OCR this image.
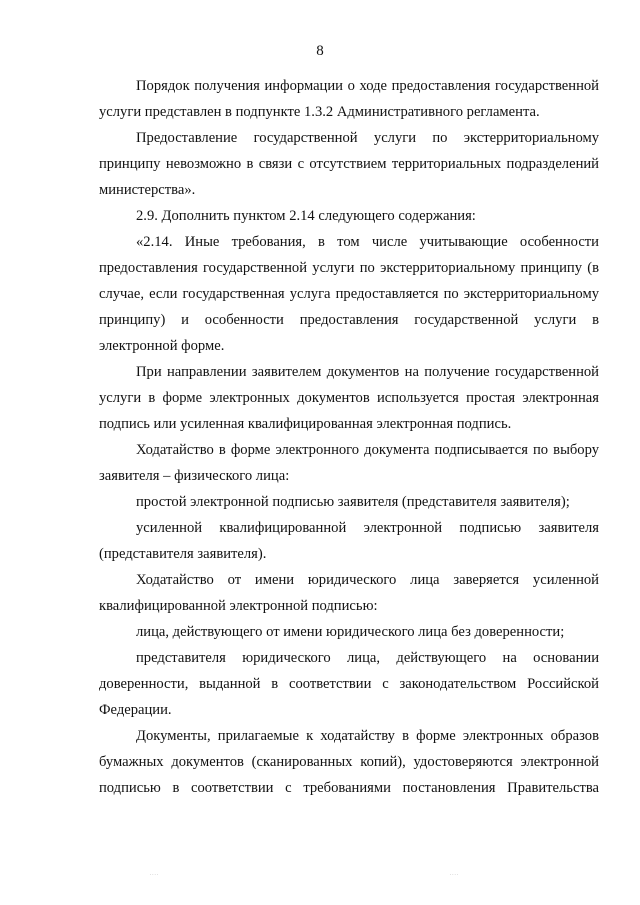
8

Порядок получения информации о ходе предоставления государственной услуги представлен в подпункте 1.3.2 Административного регламента.

Предоставление государственной услуги по экстерриториальному принципу невозможно в связи с отсутствием территориальных подразделений министерства».

2.9. Дополнить пунктом 2.14 следующего содержания:

«2.14. Иные требования, в том числе учитывающие особенности предоставления государственной услуги по экстерриториальному принципу (в случае, если государственная услуга предоставляется по экстерриториальному принципу) и особенности предоставления государственной услуги в электронной форме.

При направлении заявителем документов на получение государственной услуги в форме электронных документов используется простая электронная подпись или усиленная квалифицированная электронная подпись.

Ходатайство в форме электронного документа подписывается по выбору заявителя – физического лица:

простой электронной подписью заявителя (представителя заявителя);

усиленной квалифицированной электронной подписью заявителя (представителя заявителя).

Ходатайство от имени юридического лица заверяется усиленной квалифицированной электронной подписью:

лица, действующего от имени юридического лица без доверенности;

представителя юридического лица, действующего на основании доверенности, выданной в соответствии с законодательством Российской Федерации.

Документы, прилагаемые к ходатайству в форме электронных образов бумажных документов (сканированных копий), удостоверяются электронной подписью в соответствии с требованиями постановления Правительства

....	....
